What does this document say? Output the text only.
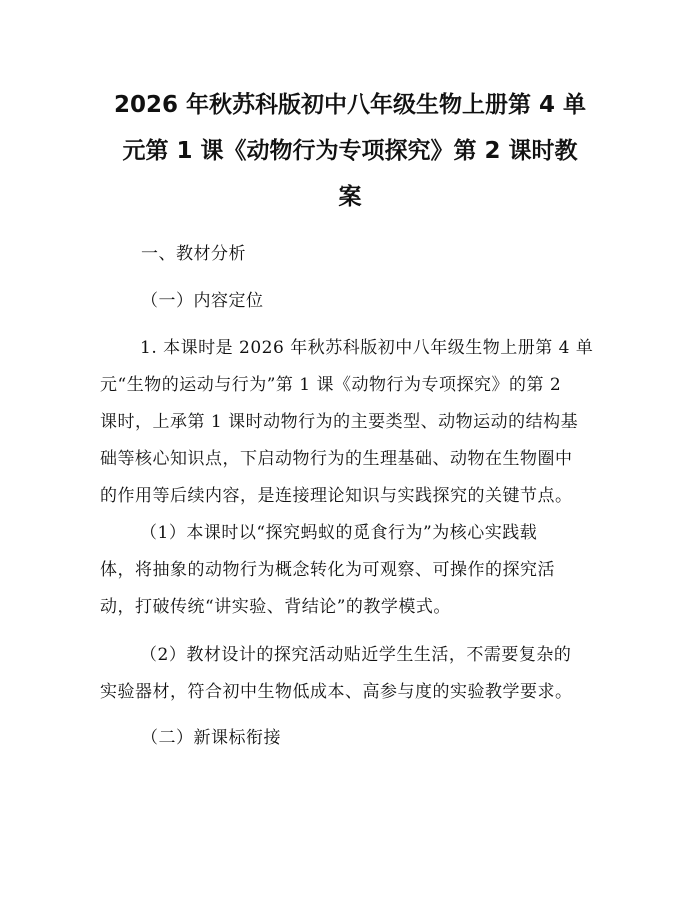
2026 年秋苏科版初中八年级生物上册第 4 单
元第 1 课《动物行为专项探究》第 2 课时教
案

一、教材分析

（一）内容定位

1. 本课时是 2026 年秋苏科版初中八年级生物上册第 4 单
元“生物的运动与行为”第 1 课《动物行为专项探究》的第 2
课时，上承第 1 课时动物行为的主要类型、动物运动的结构基
础等核心知识点，下启动物行为的生理基础、动物在生物圈中
的作用等后续内容，是连接理论知识与实践探究的关键节点。

（1）本课时以“探究蚂蚁的觅食行为”为核心实践载
体，将抽象的动物行为概念转化为可观察、可操作的探究活
动，打破传统“讲实验、背结论”的教学模式。

（2）教材设计的探究活动贴近学生生活，不需要复杂的
实验器材，符合初中生物低成本、高参与度的实验教学要求。

（二）新课标衔接
